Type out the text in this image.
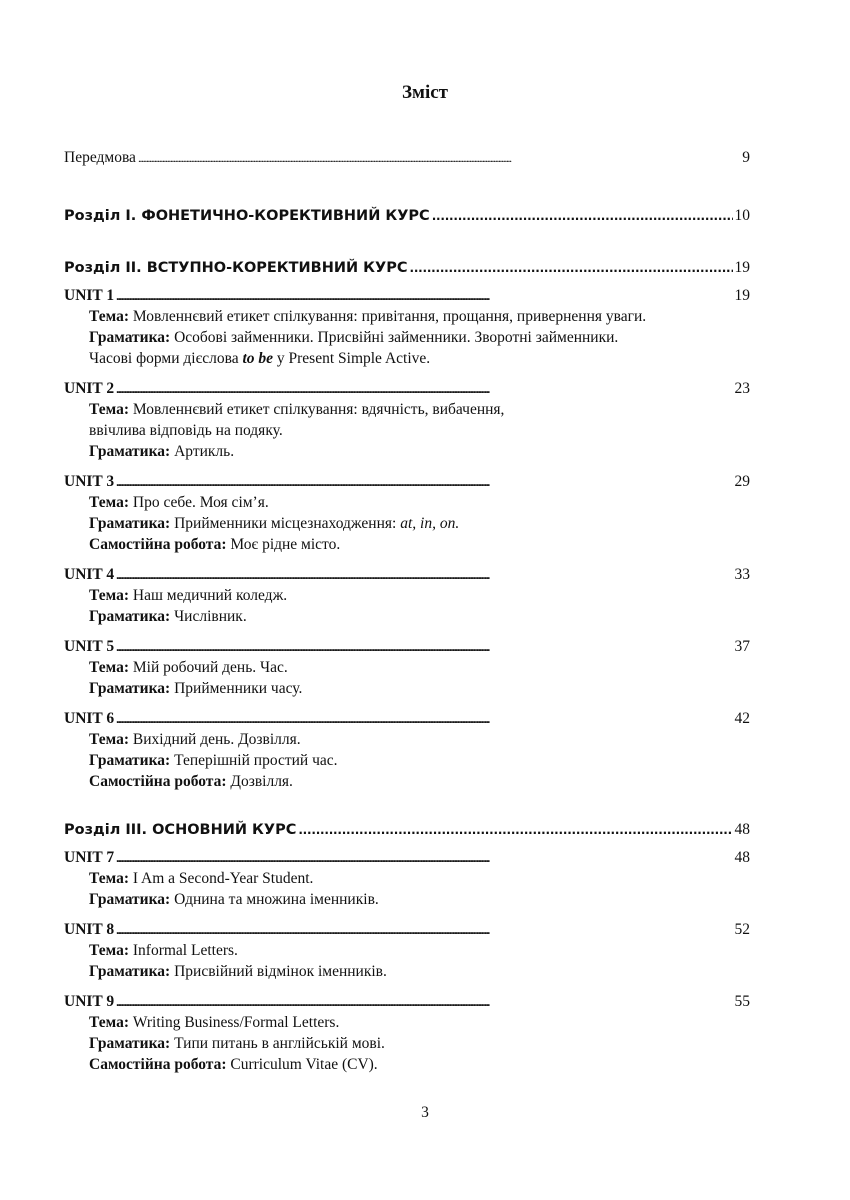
Зміст
Передмова . . .	9
Розділ I. ФОНЕТИЧНО-КОРЕКТИВНИЙ КУРС . . .	10
Розділ II. ВСТУПНО-КОРЕКТИВНИЙ КУРС . . .	19
UNIT 1 . . .	19
Тема: Мовленнєвий етикет спілкування: привітання, прощання, привернення уваги.
Граматика: Особові займенники. Присвійні займенники. Зворотні займенники.
Часові форми дієслова to be у Present Simple Active.
UNIT 2 . . .	23
Тема: Мовленнєвий етикет спілкування: вдячність, вибачення,
ввічлива відповідь на подяку.
Граматика: Артикль.
UNIT 3 . . .	29
Тема: Про себе. Моя сім’я.
Граматика: Прийменники місцезнаходження: at, in, on.
Самостійна робота: Моє рідне місто.
UNIT 4 . . .	33
Тема: Наш медичний коледж.
Граматика: Числівник.
UNIT 5 . . .	37
Тема: Мій робочий день. Час.
Граматика: Прийменники часу.
UNIT 6 . . .	42
Тема: Вихідний день. Дозвілля.
Граматика: Теперішній простий час.
Самостійна робота: Дозвілля.
Розділ III. ОСНОВНИЙ КУРС . . .	48
UNIT 7 . . .	48
Тема: I Am a Second-Year Student.
Граматика: Однина та множина іменників.
UNIT 8 . . .	52
Тема: Informal Letters.
Граматика: Присвійний відмінок іменників.
UNIT 9 . . .	55
Тема: Writing Business/Formal Letters.
Граматика: Типи питань в англійській мові.
Самостійна робота: Curriculum Vitae (CV).
3
